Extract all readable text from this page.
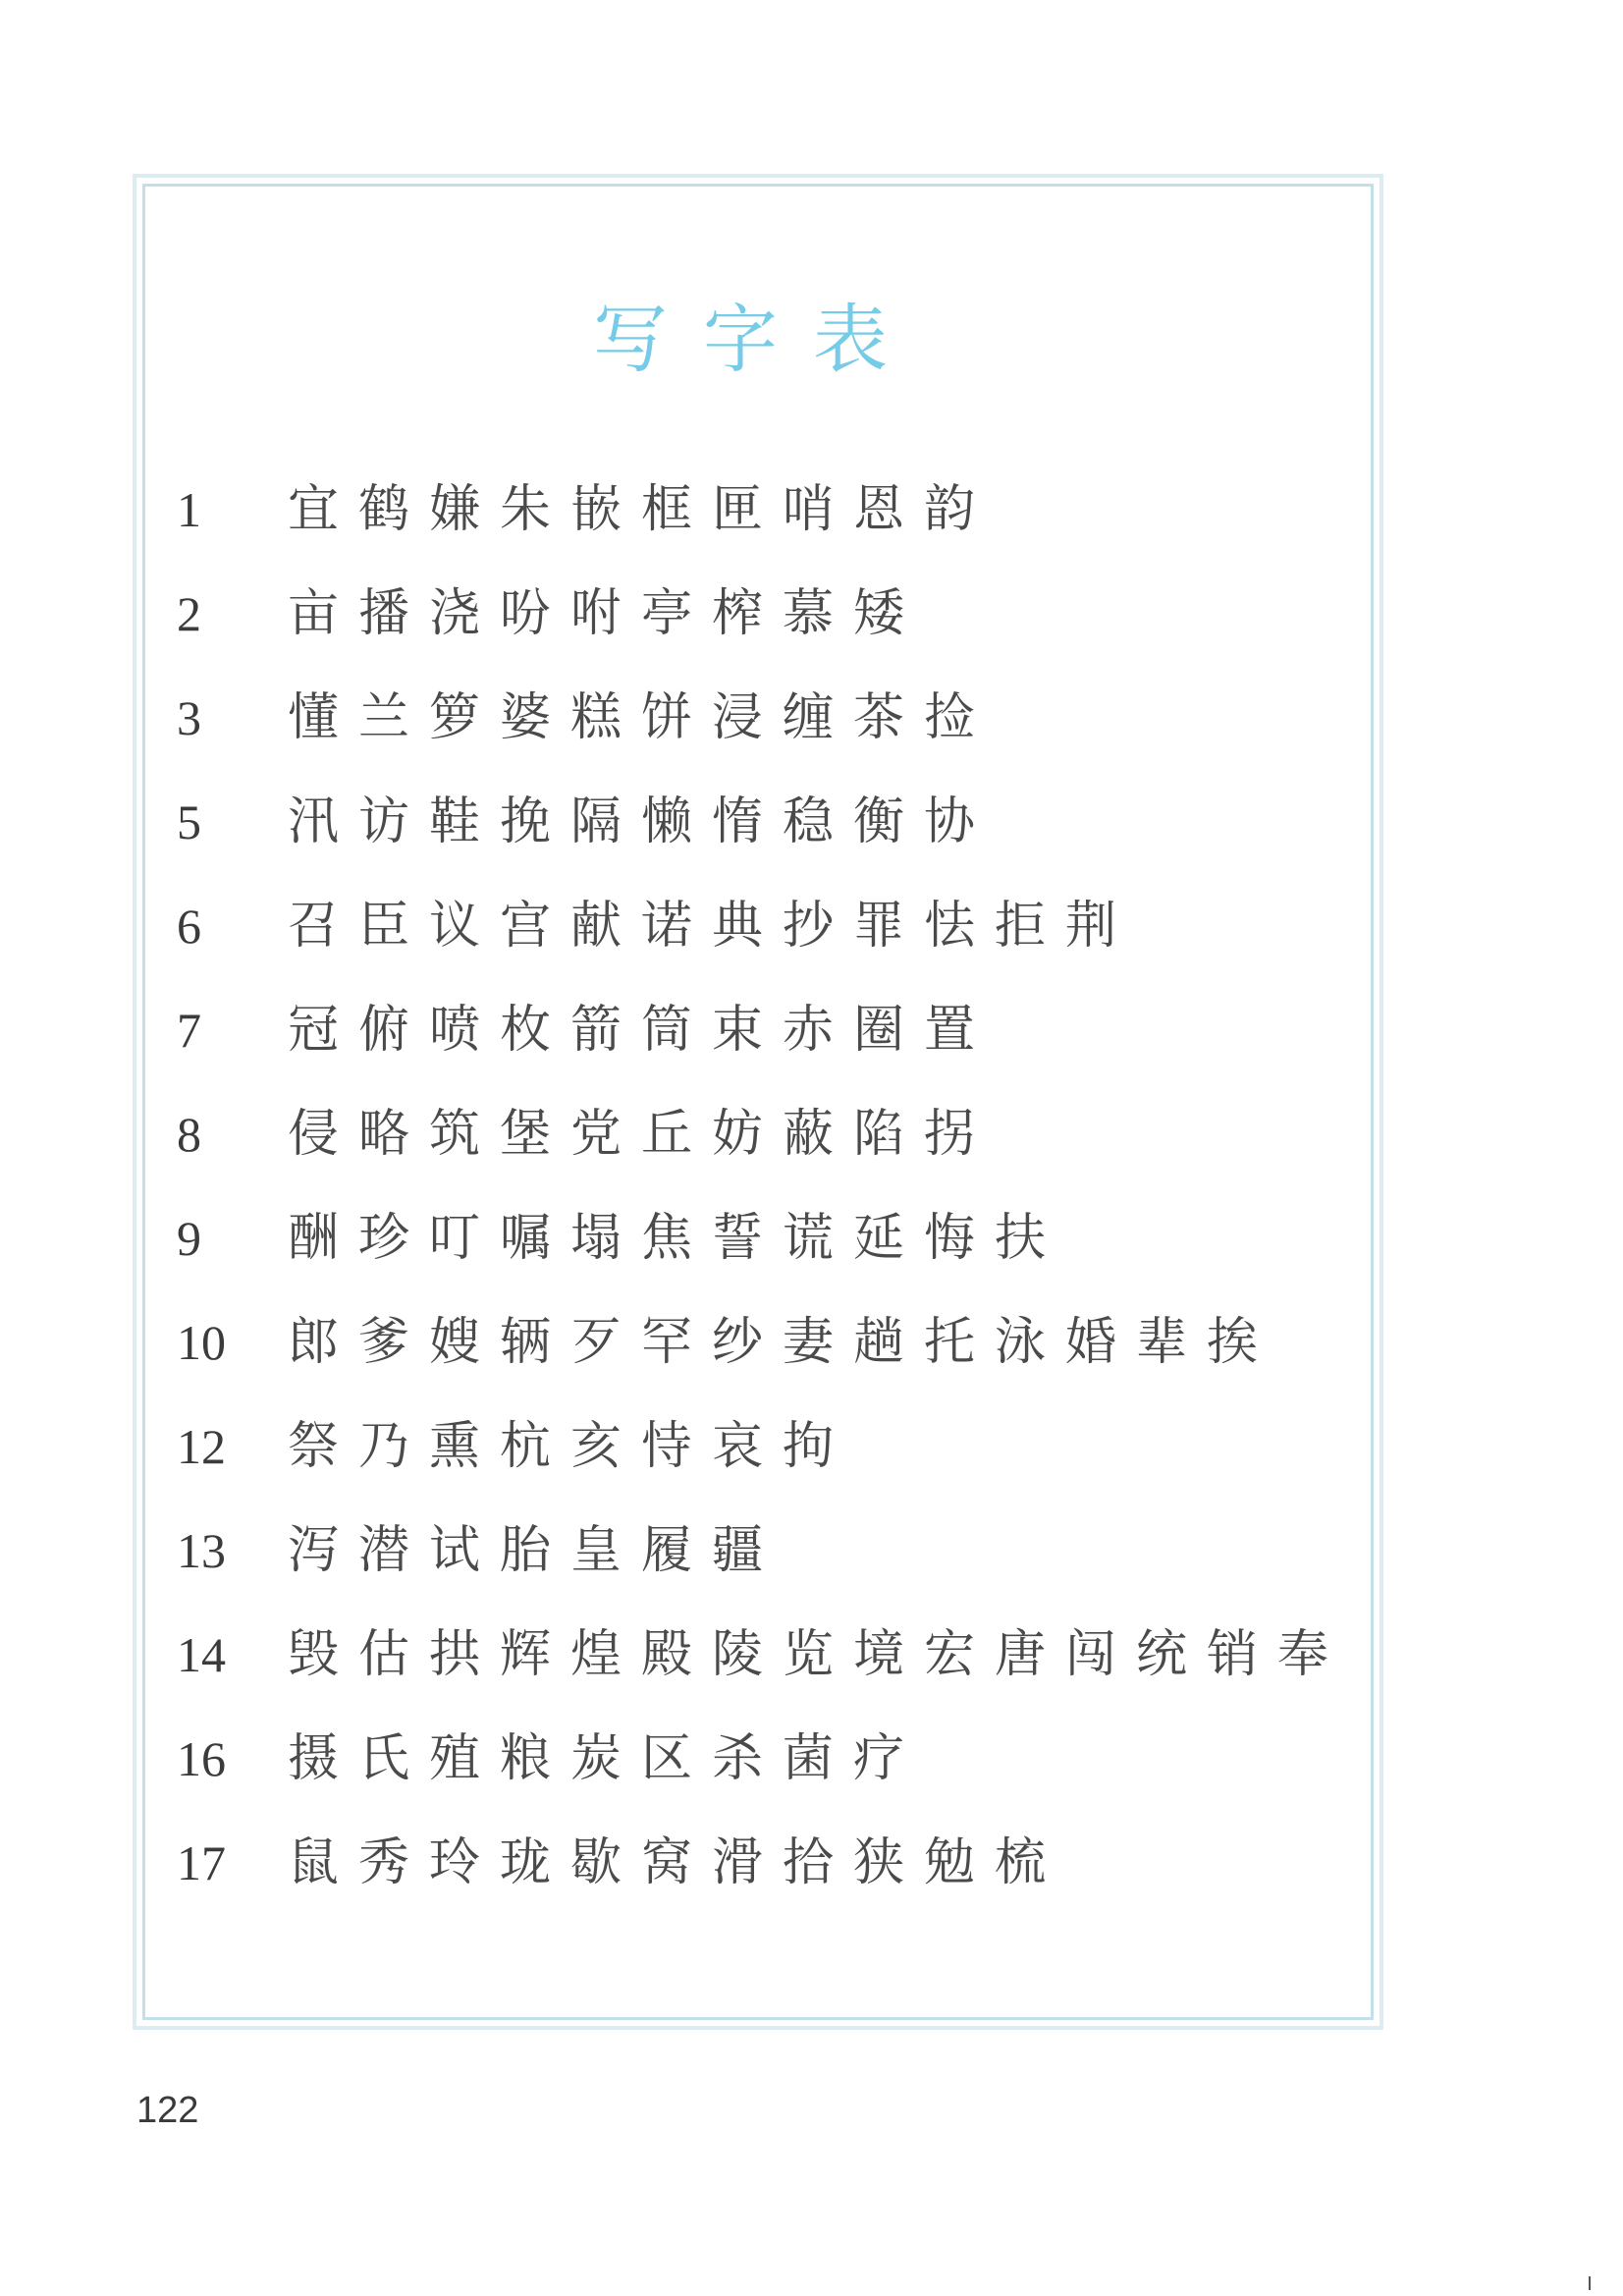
写字表
1	宜鹤嫌朱嵌框匣哨恩韵
2	亩播浇吩咐亭榨慕矮
3	懂兰箩婆糕饼浸缠茶捡
5	汛访鞋挽隔懒惰稳衡协
6	召臣议宫献诺典抄罪怯拒荆
7	冠俯喷枚箭筒束赤圈置
8	侵略筑堡党丘妨蔽陷拐
9	酬珍叮嘱塌焦誓谎延悔扶
10	郎爹嫂辆歹罕纱妻趟托泳婚辈挨
12	祭乃熏杭亥恃哀拘
13	泻潜试胎皇履疆
14	毁估拱辉煌殿陵览境宏唐闯统销奉
16	摄氏殖粮炭区杀菌疗
17	鼠秀玲珑歇窝滑拾狭勉梳
122
